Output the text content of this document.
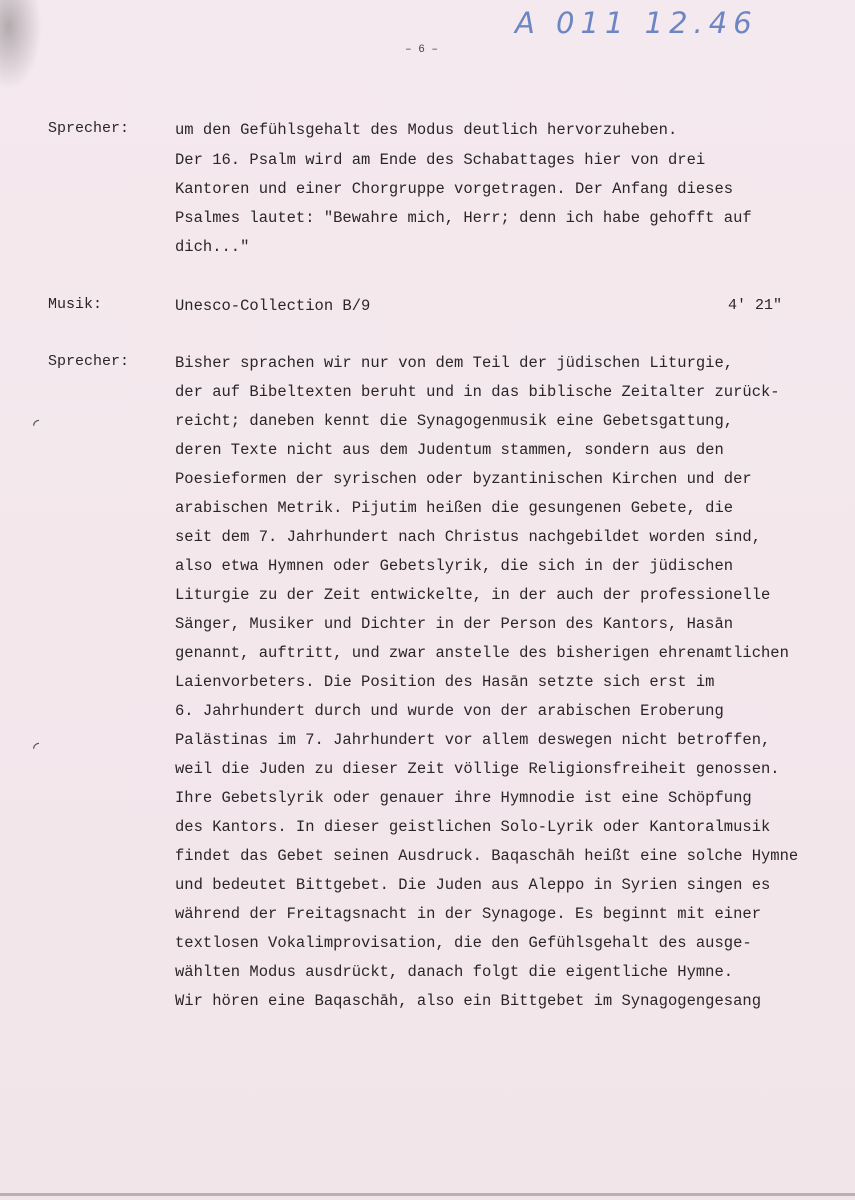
A 011 12.46
– 6 –
◜
◜
Sprecher:	um den Gefühlsgehalt des Modus deutlich hervorzuheben.
Der 16. Psalm wird am Ende des Schabattages hier von drei
Kantoren und einer Chorgruppe vorgetragen. Der Anfang dieses
Psalmes lautet: "Bewahre mich, Herr; denn ich habe gehofft auf
dich..."
Musik:	Unesco-Collection B/9	4' 21"
Sprecher:	Bisher sprachen wir nur von dem Teil der jüdischen Liturgie,
der auf Bibeltexten beruht und in das biblische Zeitalter zurück-
reicht; daneben kennt die Synagogenmusik eine Gebetsgattung,
deren Texte nicht aus dem Judentum stammen, sondern aus den
Poesieformen der syrischen oder byzantinischen Kirchen und der
arabischen Metrik. Pijutim heißen die gesungenen Gebete, die
seit dem 7. Jahrhundert nach Christus nachgebildet worden sind,
also etwa Hymnen oder Gebetslyrik, die sich in der jüdischen
Liturgie zu der Zeit entwickelte, in der auch der professionelle
Sänger, Musiker und Dichter in der Person des Kantors, Hasān
genannt, auftritt, und zwar anstelle des bisherigen ehrenamtlichen
Laienvorbeters. Die Position des Hasān setzte sich erst im
6. Jahrhundert durch und wurde von der arabischen Eroberung
Palästinas im 7. Jahrhundert vor allem deswegen nicht betroffen,
weil die Juden zu dieser Zeit völlige Religionsfreiheit genossen.
Ihre Gebetslyrik oder genauer ihre Hymnodie ist eine Schöpfung
des Kantors. In dieser geistlichen Solo-Lyrik oder Kantoralmusik
findet das Gebet seinen Ausdruck. Baqaschāh heißt eine solche Hymne
und bedeutet Bittgebet. Die Juden aus Aleppo in Syrien singen es
während der Freitagsnacht in der Synagoge. Es beginnt mit einer
textlosen Vokalimprovisation, die den Gefühlsgehalt des ausge-
wählten Modus ausdrückt, danach folgt die eigentliche Hymne.
Wir hören eine Baqaschāh, also ein Bittgebet im Synagogengesang
